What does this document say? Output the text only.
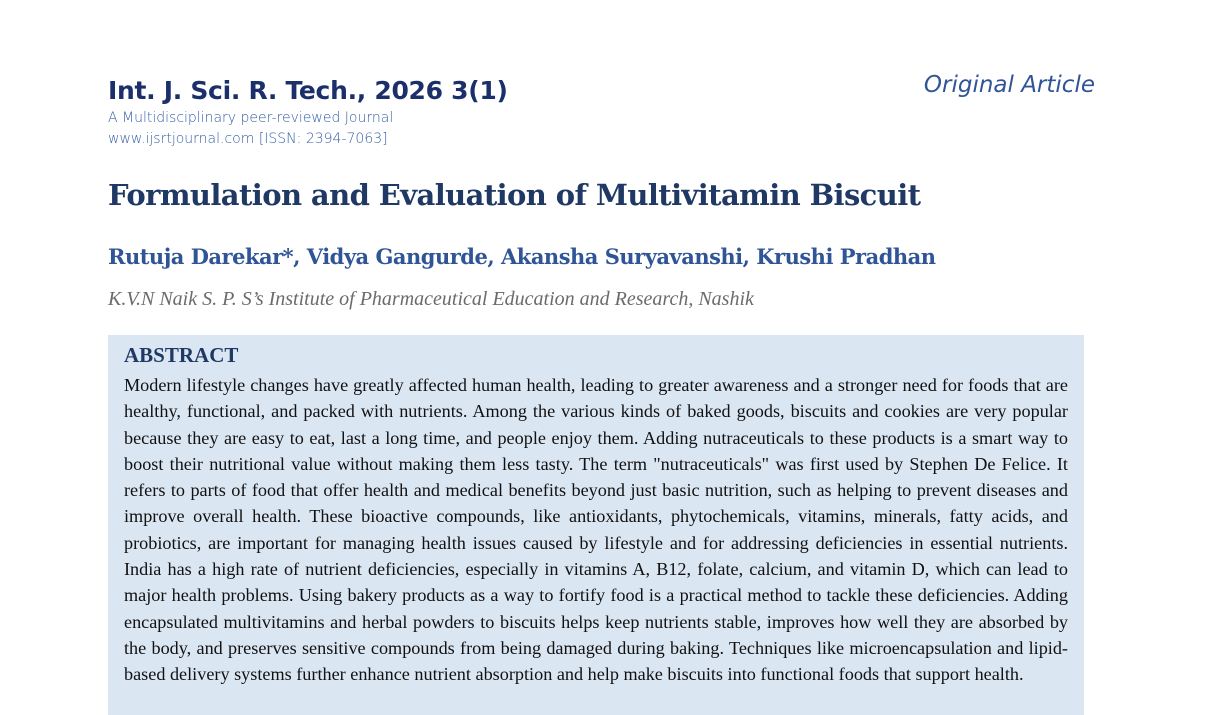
Int. J. Sci. R. Tech., 2026 3(1)
A Multidisciplinary peer-reviewed Journal
www.ijsrtjournal.com [ISSN: 2394-7063]
Original Article
Formulation and Evaluation of Multivitamin Biscuit
Rutuja Darekar*, Vidya Gangurde, Akansha Suryavanshi, Krushi Pradhan
K.V.N Naik S. P. S’s Institute of Pharmaceutical Education and Research, Nashik
ABSTRACT
Modern lifestyle changes have greatly affected human health, leading to greater awareness and a stronger need for foods that are healthy, functional, and packed with nutrients. Among the various kinds of baked goods, biscuits and cookies are very popular because they are easy to eat, last a long time, and people enjoy them. Adding nutraceuticals to these products is a smart way to boost their nutritional value without making them less tasty. The term "nutraceuticals" was first used by Stephen De Felice. It refers to parts of food that offer health and medical benefits beyond just basic nutrition, such as helping to prevent diseases and improve overall health. These bioactive compounds, like antioxidants, phytochemicals, vitamins, minerals, fatty acids, and probiotics, are important for managing health issues caused by lifestyle and for addressing deficiencies in essential nutrients. India has a high rate of nutrient deficiencies, especially in vitamins A, B12, folate, calcium, and vitamin D, which can lead to major health problems. Using bakery products as a way to fortify food is a practical method to tackle these deficiencies. Adding encapsulated multivitamins and herbal powders to biscuits helps keep nutrients stable, improves how well they are absorbed by the body, and preserves sensitive compounds from being damaged during baking. Techniques like microencapsulation and lipid-based delivery systems further enhance nutrient absorption and help make biscuits into functional foods that support health.
